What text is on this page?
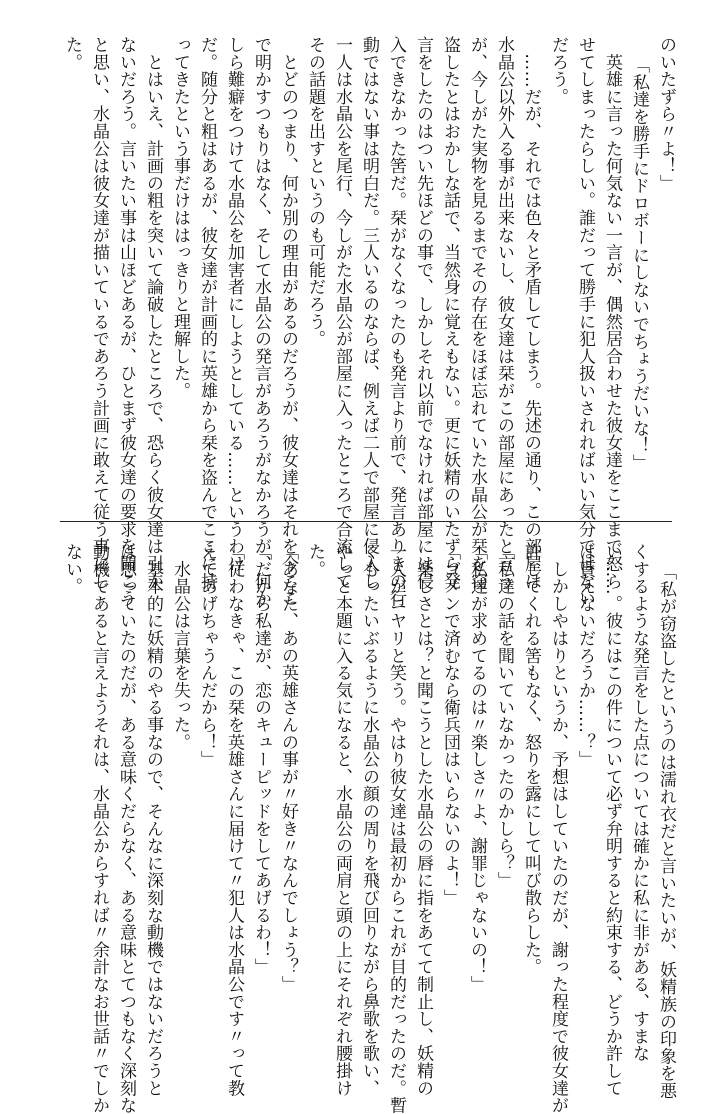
のいたずら〃よ！」
「私達を勝手にドロボーにしないでちょうだいな！」
　英雄に言った何気ない一言が、偶然居合わせた彼女達をここまで怒ら
せてしまったらしい。誰だって勝手に犯人扱いされればいい気分ではない
だろう。
　……だが、それでは色々と矛盾してしまう。先述の通り、この部屋は
水晶公以外入る事が出来ないし、彼女達は栞がこの部屋にあったと言う
が、今しがた実物を見るまでその存在をほぼ忘れていた水晶公が栞を窃
盗したとはおかしな話で、当然身に覚えもない。更に妖精のいたずら発
言をしたのはつい先ほどの事で、しかしそれ以前でなければ部屋には侵
入できなかった筈だ。栞がなくなったのも発言より前で、発言ありきの行
動ではない事は明白だ。三人いるのならば、例えば二人で部屋に侵入し
一人は水晶公を尾行、今しがた水晶公が部屋に入ったところで合流して
その話題を出すというのも可能だろう。
　とどのつまり、何か別の理由があるのだろうが、彼女達はそれを今ここ
で明かすつもりはなく、そして水晶公の発言があろうがなかろうが、何か
しら難癖をつけて水晶公を加害者にしようとしている……というわけ
だ。随分と粗はあるが、彼女達が計画的に英雄から栞を盗んでここに持
ってきたという事だけははっきりと理解した。
　とはいえ、計画の粗を突いて論破したところで、恐らく彼女達は引か
ないだろう。言いたい事は山ほどあるが、ひとまず彼女達の要求を聞こう
と思い、水晶公は彼女達が描いているであろう計画に敢えて従う事にし
た。
「私が窃盗したというのは濡れ衣だと言いたいが、妖精族の印象を悪
くするような発言をした点については確かに私に非がある、すまな
い……。彼にはこの件について必ず弁明すると約束する、どうか許して
は貰えないだろうか……？」
　しかしやはりというか、予想はしていたのだが、謝った程度で彼女達が
許してくれる筈もなく、怒りを露にして叫び散らした。
「私達の話を聞いていなかったのかしら？」
「私達が求めてるのは〃楽しさ〃よ、謝罪じゃないの！」
「ゴメンで済むなら衛兵団はいらないのよ！」
　楽しさとは？と聞こうとした水晶公の唇に指をあてて制止し、妖精の
一人がニヤリと笑う。やはり彼女達は最初からこれが目的だったのだ。暫
くもったいぶるように水晶公の顔の周りを飛び回りながら鼻歌を歌い、
やっと本題に入る気になると、水晶公の両肩と頭の上にそれぞれ腰掛け
た。
「あなた、あの英雄さんの事が〃好き〃なんでしょう？」
「だから私達が、恋のキューピッドをしてあげるわ！」
「従わなきゃ、この栞を英雄さんに届けて〃犯人は水晶公です〃って教
えてあげちゃうんだから！」
　水晶公は言葉を失った。
　基本的に妖精のやる事なので、そんなに深刻な動機ではないだろうと
は思っていたのだが、ある意味くだらなく、ある意味とてつもなく深刻な
動機であると言えようそれは、水晶公からすれば〃余計なお世話〃でしか
ない。
